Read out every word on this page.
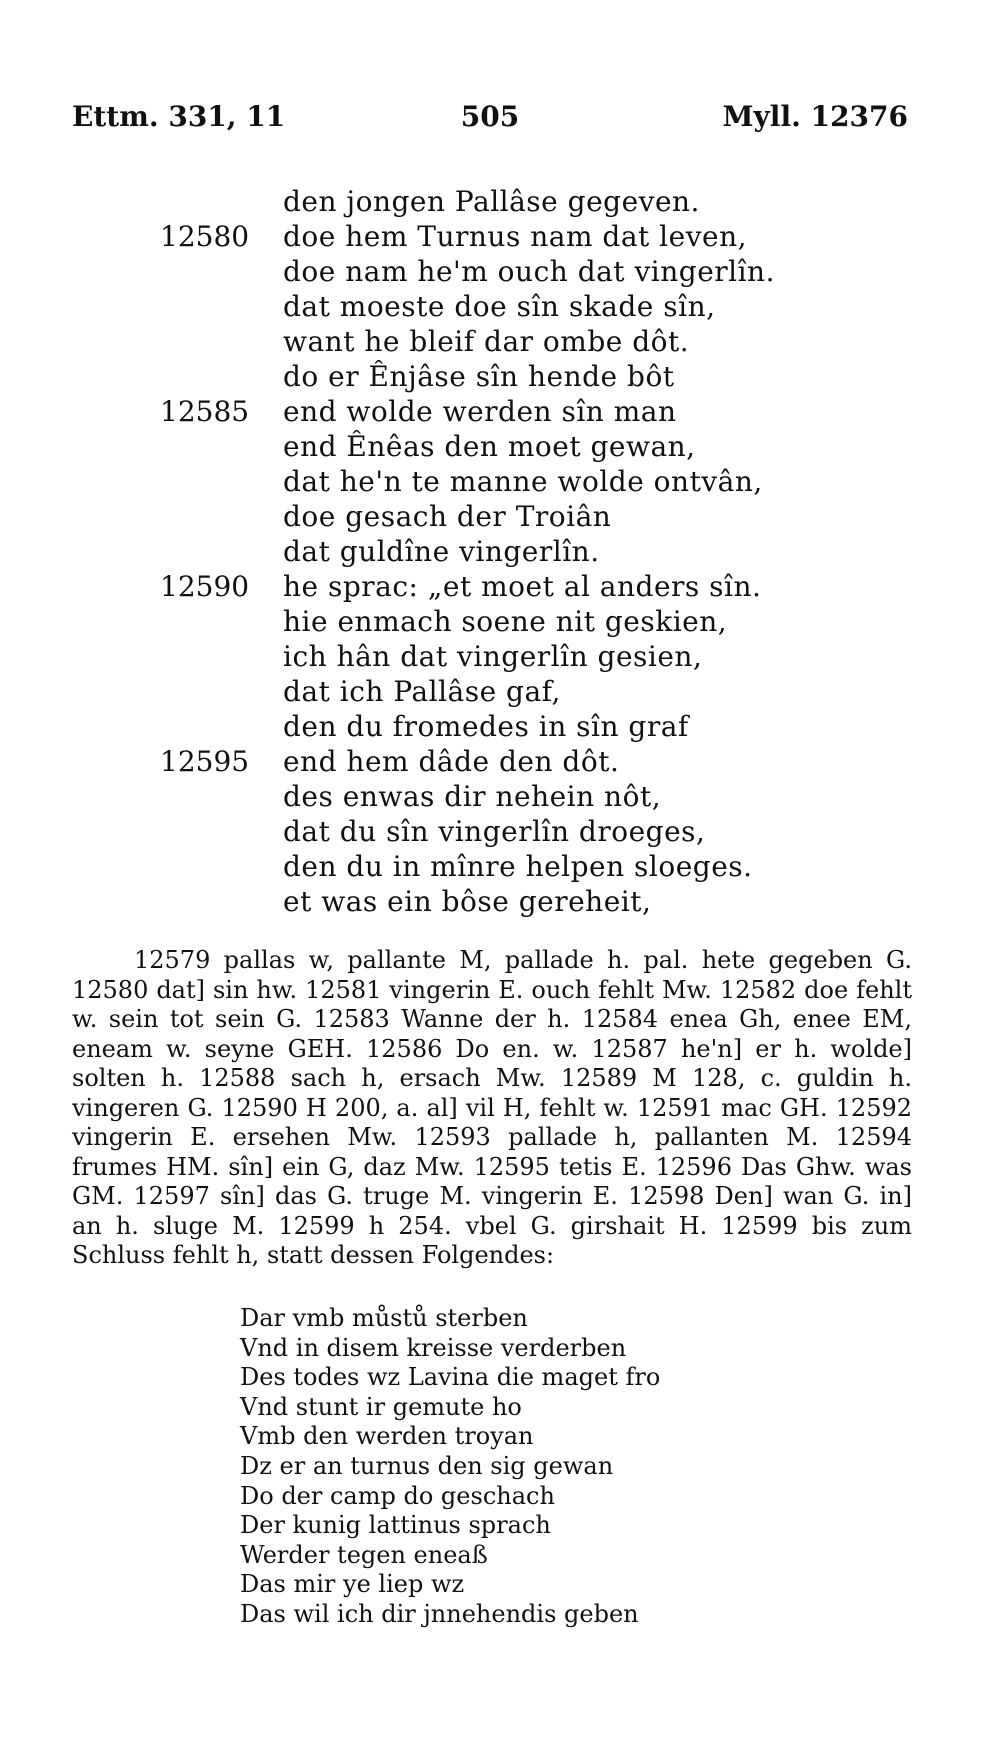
Ettm. 331, 11	505	Myll. 12376
den jongen Pallâse gegeven.
12580	doe hem Turnus nam dat leven,
doe nam he'm ouch dat vingerlîn.
dat moeste doe sîn skade sîn,
want he bleif dar ombe dôt.
do er Ênjâse sîn hende bôt
12585	end wolde werden sîn man
end Ênêas den moet gewan,
dat he'n te manne wolde ontvân,
doe gesach der Troiân
dat guldîne vingerlîn.
12590	he sprac: „et moet al anders sîn.
hie enmach soene nit geskien,
ich hân dat vingerlîn gesien,
dat ich Pallâse gaf,
den du fromedes in sîn graf
12595	end hem dâde den dôt.
des enwas dir nehein nôt,
dat du sîn vingerlîn droeges,
den du in mînre helpen sloeges.
et was ein bôse gereheit,

12579 pallas w, pallante M, pallade h. pal. hete gegeben G. 12580 dat] sin hw. 12581 vingerin E. ouch fehlt Mw. 12582 doe fehlt w. sein tot sein G. 12583 Wanne der h. 12584 enea Gh, enee EM, eneam w. seyne GEH. 12586 Do en. w. 12587 he'n] er h. wolde] solten h. 12588 sach h, ersach Mw. 12589 M 128, c. guldin h. vingeren G. 12590 H 200, a. al] vil H, fehlt w. 12591 mac GH. 12592 vingerin E. ersehen Mw. 12593 pallade h, pallanten M. 12594 frumes HM. sîn] ein G, daz Mw. 12595 tetis E. 12596 Das Ghw. was GM. 12597 sîn] das G. truge M. vingerin E. 12598 Den] wan G. in] an h. sluge M. 12599 h 254. vbel G. girshait H. 12599 bis zum Schluss fehlt h, statt dessen Folgendes:

Dar vmb můstů sterben
Vnd in disem kreisse verderben
Des todes wz Lavina die maget fro
Vnd stunt ir gemute ho
Vmb den werden troyan
Dz er an turnus den sig gewan
Do der camp do geschach
Der kunig lattinus sprach
Werder tegen eneaß
Das mir ye liep wz
Das wil ich dir jnnehendis geben
